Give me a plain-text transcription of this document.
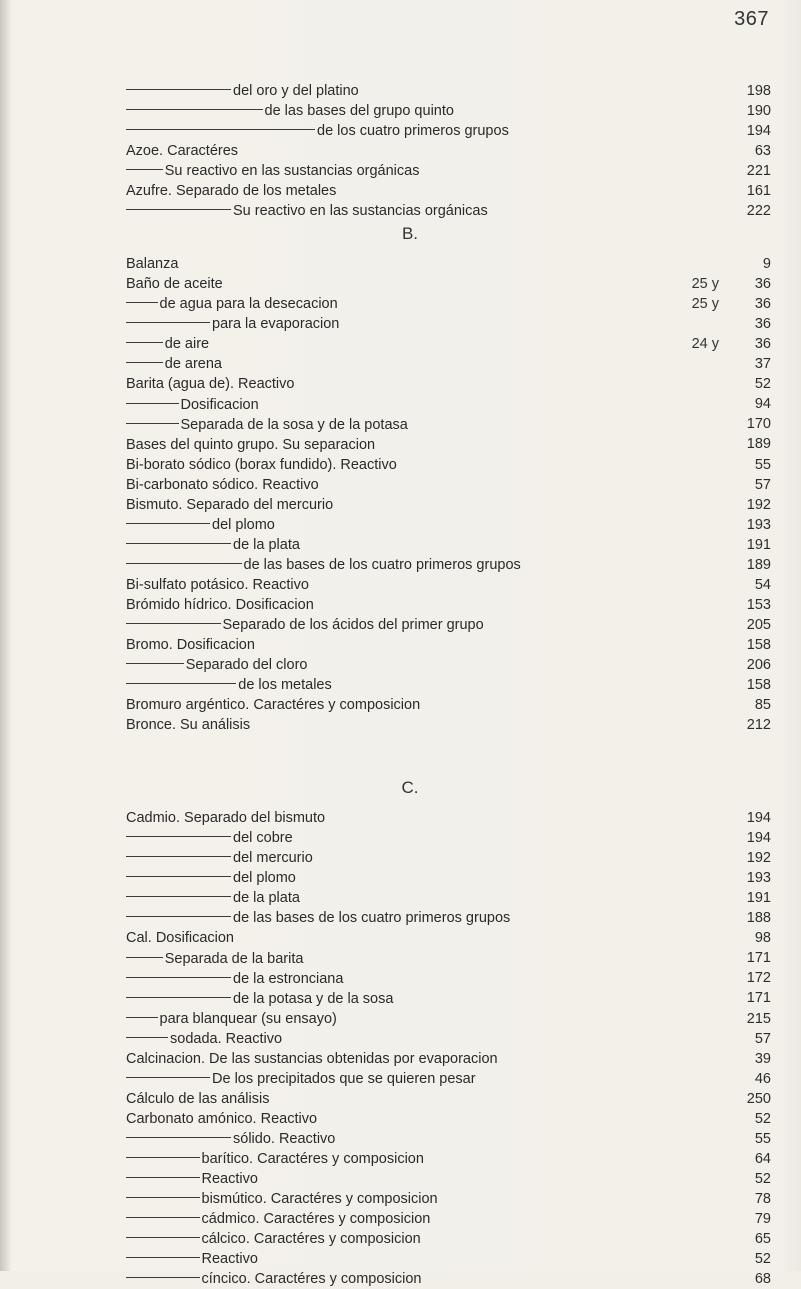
367
del oro y del platino	198
de las bases del grupo quinto	190
de los cuatro primeros grupos	194
Azoe. Caractéres	63
Su reactivo en las sustancias orgánicas	221
Azufre. Separado de los metales	161
Su reactivo en las sustancias orgánicas	222
B.
Balanza	9
Baño de aceite	25 y	36
de agua para la desecacion	25 y	36
para la evaporacion	36
de aire	24 y	36
de arena	37
Barita (agua de). Reactivo	52
Dosificacion	94
Separada de la sosa y de la potasa	170
Bases del quinto grupo. Su separacion	189
Bi-borato sódico (borax fundido). Reactivo	55
Bi-carbonato sódico. Reactivo	57
Bismuto. Separado del mercurio	192
del plomo	193
de la plata	191
de las bases de los cuatro primeros grupos	189
Bi-sulfato potásico. Reactivo	54
Brómido hídrico. Dosificacion	153
Separado de los ácidos del primer grupo	205
Bromo. Dosificacion	158
Separado del cloro	206
de los metales	158
Bromuro argéntico. Caractéres y composicion	85
Bronce. Su análisis	212
C.
Cadmio. Separado del bismuto	194
del cobre	194
del mercurio	192
del plomo	193
de la plata	191
de las bases de los cuatro primeros grupos	188
Cal. Dosificacion	98
Separada de la barita	171
de la estronciana	172
de la potasa y de la sosa	171
para blanquear (su ensayo)	215
sodada. Reactivo	57
Calcinacion. De las sustancias obtenidas por evaporacion	39
De los precipitados que se quieren pesar	46
Cálculo de las análisis	250
Carbonato amónico. Reactivo	52
sólido. Reactivo	55
barítico. Caractéres y composicion	64
Reactivo	52
bismútico. Caractéres y composicion	78
cádmico. Caractéres y composicion	79
cálcico. Caractéres y composicion	65
Reactivo	52
cíncico. Caractéres y composicion	68
